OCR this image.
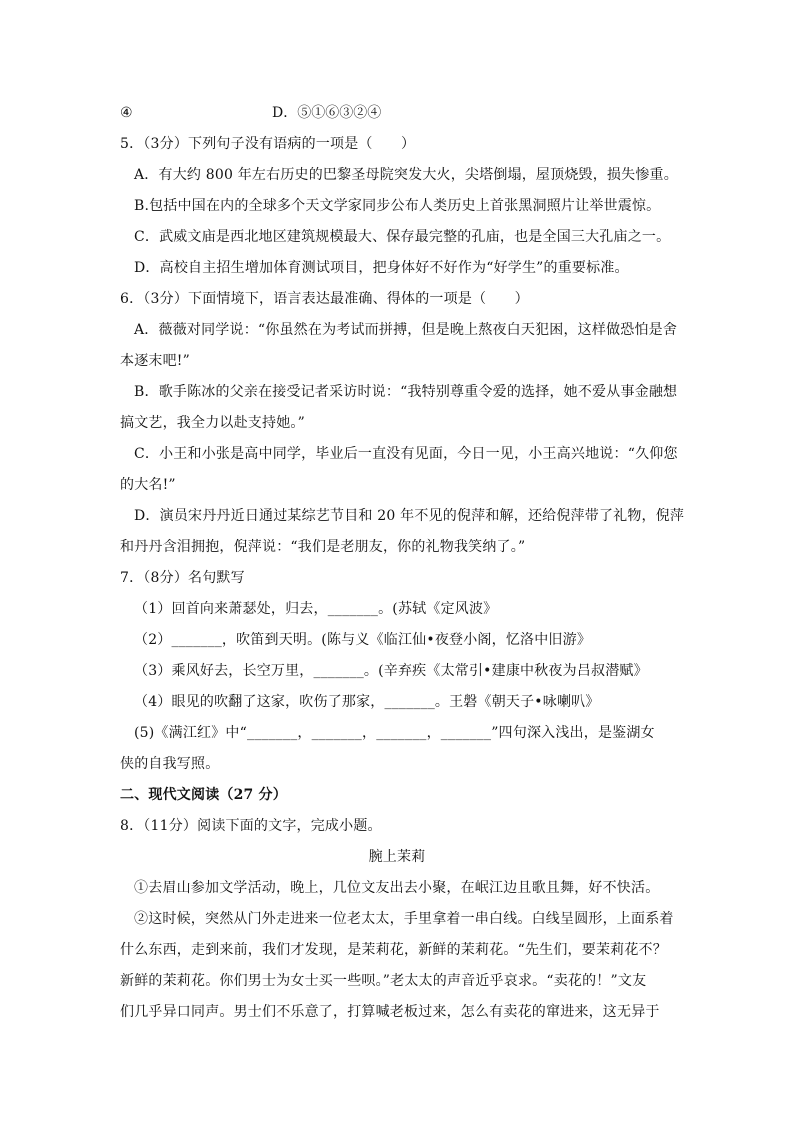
④	D．⑤①⑥③②④
5．（3分）下列句子没有语病的一项是（　　）
A．有大约 800 年左右历史的巴黎圣母院突发大火，尖塔倒塌，屋顶烧毁，损失惨重。
B.包括中国在内的全球多个天文学家同步公布人类历史上首张黑洞照片让举世震惊。
C．武威文庙是西北地区建筑规模最大、保存最完整的孔庙，也是全国三大孔庙之一。
D．高校自主招生增加体育测试项目，把身体好不好作为“好学生”的重要标准。
6．（3分）下面情境下，语言表达最准确、得体的一项是（　　）
A．薇薇对同学说：“你虽然在为考试而拼搏，但是晚上熬夜白天犯困，这样做恐怕是舍
本逐末吧!”
B．歌手陈冰的父亲在接受记者采访时说：“我特别尊重令爱的选择，她不爱从事金融想
搞文艺，我全力以赴支持她。”
C．小王和小张是高中同学，毕业后一直没有见面，今日一见，小王高兴地说：“久仰您
的大名!”
D．演员宋丹丹近日通过某综艺节目和 20 年不见的倪萍和解，还给倪萍带了礼物，倪萍
和丹丹含泪拥抱，倪萍说：“我们是老朋友，你的礼物我笑纳了。”
7．（8分）名句默写
（1）回首向来萧瑟处，归去，_______。(苏轼《定风波》
（2）_______，吹笛到天明。(陈与义《临江仙•夜登小阁，忆洛中旧游》
（3）乘风好去，长空万里，_______。(辛弃疾《太常引•建康中秋夜为吕叔潜赋》
（4）眼见的吹翻了这家，吹伤了那家，_______。王磐《朝天子•咏喇叭》
(5)《满江红》中“_______，_______，_______，_______”四句深入浅出，是鉴湖女
侠的自我写照。
二、现代文阅读（27 分）
8．（11分）阅读下面的文字，完成小题。
腕上茉莉
①去眉山参加文学活动，晚上，几位文友出去小聚，在岷江边且歌且舞，好不快活。
②这时候，突然从门外走进来一位老太太，手里拿着一串白线。白线呈圆形，上面系着
什么东西，走到来前，我们才发现，是茉莉花，新鲜的茉莉花。“先生们，要茉莉花不？
新鲜的茉莉花。你们男士为女士买一些呗。”老太太的声音近乎哀求。“卖花的！”文友
们几乎异口同声。男士们不乐意了，打算喊老板过来，怎么有卖花的窜进来，这无异于
